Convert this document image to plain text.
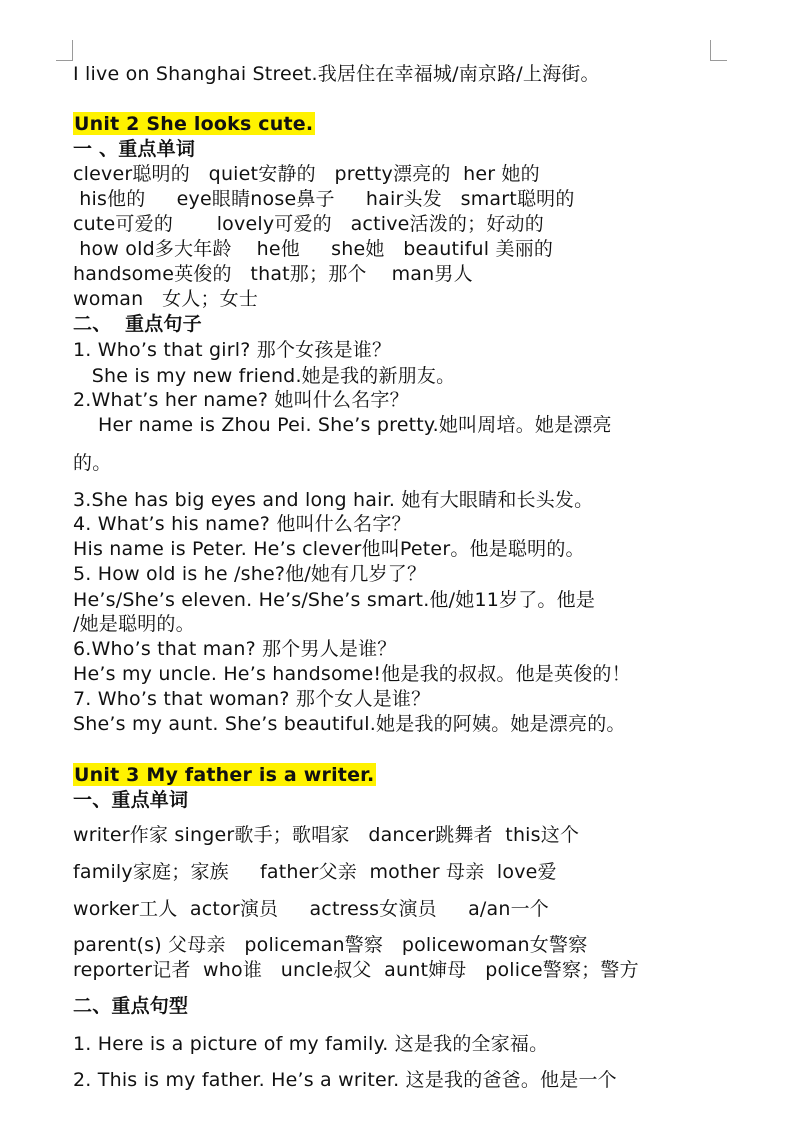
I live on Shanghai Street.我居住在幸福城/南京路/上海街。
Unit 2 She looks cute.
一 、重点单词
clever聪明的   quiet安静的   pretty漂亮的  her 她的
his他的     eye眼睛nose鼻子     hair头发   smart聪明的
cute可爱的       lovely可爱的   active活泼的；好动的
how old多大年龄    he他     she她   beautiful 美丽的
handsome英俊的   that那；那个    man男人
woman   女人；女士
二、  重点句子
1. Who’s that girl? 那个女孩是谁？
She is my new friend.她是我的新朋友。
2.What’s her name? 她叫什么名字？
Her name is Zhou Pei. She’s pretty.她叫周培。她是漂亮
的。
3.She has big eyes and long hair. 她有大眼睛和长头发。
4. What’s his name? 他叫什么名字？
His name is Peter. He’s clever他叫Peter。他是聪明的。
5. How old is he /she?他/她有几岁了？
He’s/She’s eleven. He’s/She’s smart.他/她11岁了。他是
/她是聪明的。
6.Who’s that man? 那个男人是谁？
He’s my uncle. He’s handsome!他是我的叔叔。他是英俊的！
7. Who’s that woman? 那个女人是谁？
She’s my aunt. She’s beautiful.她是我的阿姨。她是漂亮的。
Unit 3 My father is a writer.
一、重点单词
writer作家 singer歌手；歌唱家   dancer跳舞者  this这个
family家庭；家族     father父亲  mother 母亲  love爱
worker工人  actor演员     actress女演员     a/an一个
parent(s) 父母亲   policeman警察   policewoman女警察
reporter记者  who谁   uncle叔父  aunt婶母   police警察；警方
二、重点句型
1. Here is a picture of my family. 这是我的全家福。
2. This is my father. He’s a writer. 这是我的爸爸。他是一个
